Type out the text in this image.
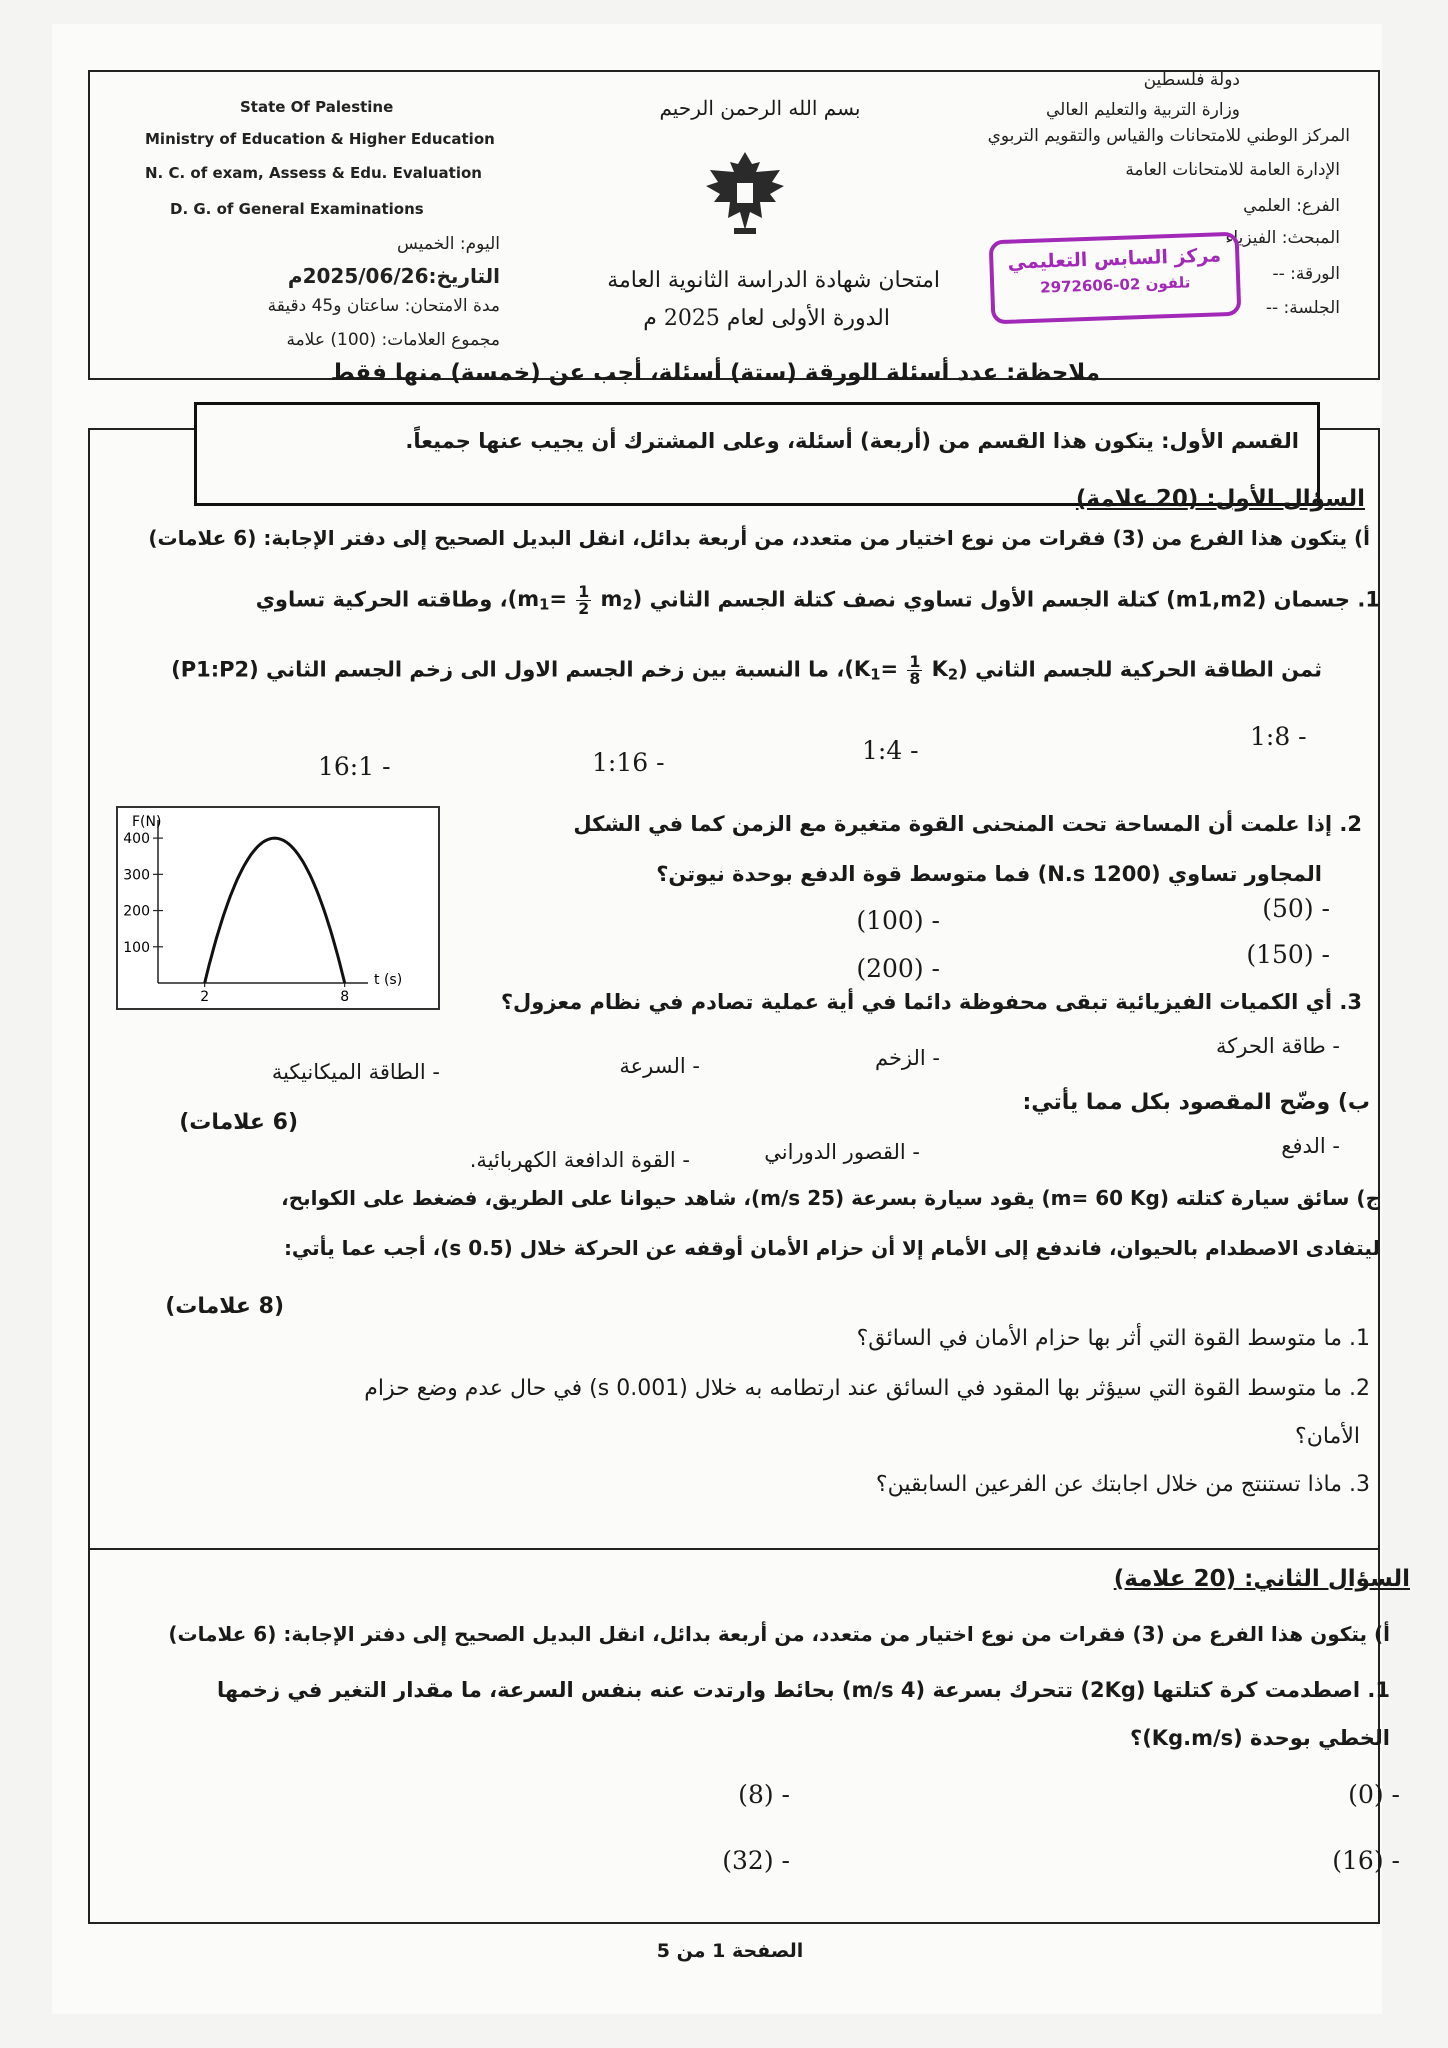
State Of Palestine
Ministry of Education & Higher Education
N. C. of exam, Assess & Edu. Evaluation
D. G. of General Examinations
اليوم: الخميس
التاريخ:2025/06/26م
مدة الامتحان: ساعتان و45 دقيقة
مجموع العلامات: (100) علامة
بسم الله الرحمن الرحيم
امتحان شهادة الدراسة الثانوية العامة
الدورة الأولى لعام 2025 م
دولة فلسطين
وزارة التربية والتعليم العالي
المركز الوطني للامتحانات والقياس والتقويم التربوي
الإدارة العامة للامتحانات العامة
الفرع: العلمي
المبحث: الفيزياء
الورقة: --
الجلسة: --
مركز السابس التعليمي
تلفون 02-2972606
ملاحظة: عدد أسئلة الورقة (ستة) أسئلة، أجب عن (خمسة) منها فقط
القسم الأول: يتكون هذا القسم من (أربعة) أسئلة، وعلى المشترك أن يجيب عنها جميعاً.
السؤال الأول: (20 علامة)
أ) يتكون هذا الفرع من (3) فقرات من نوع اختيار من متعدد، من أربعة بدائل، انقل البديل الصحيح إلى دفتر الإجابة: (6 علامات)
1. جسمان (m1,m2) كتلة الجسم الأول تساوي نصف كتلة الجسم الثاني ($m_1= \frac{1}{2}$ $m_2)،$ وطاقته الحركية تساوي
ثمن الطاقة الحركية للجسم الثاني ($K_1= \frac{1}{8}$ $K_2)،$ ما النسبة بين زخم الجسم الاول الى زخم الجسم الثاني (P1:P2)
1:8 -
1:4 -
1:16 -
16:1 -
2. إذا علمت أن المساحة تحت المنحنى القوة متغيرة مع الزمن كما في الشكل
المجاور تساوي (1200 N.s) فما متوسط قوة الدفع بوحدة نيوتن؟
- (50)
- (100)
- (150)
- (200)
F(N)
t (s)
100
200
300
400
2	8	3. أي الكميات الفيزيائية تبقى محفوظة دائما في أية عملية تصادم في نظام معزول؟
- طاقة الحركة
- الزخم
- السرعة
- الطاقة الميكانيكية
ب) وضّح المقصود بكل مما يأتي:
(6 علامات)
- الدفع
- القصور الدوراني
- القوة الدافعة الكهربائية.
ج) سائق سيارة كتلته (m= 60 Kg) يقود سيارة بسرعة (25 m/s)، شاهد حيوانا على الطريق، فضغط على الكوابح،
ليتفادى الاصطدام بالحيوان، فاندفع إلى الأمام إلا أن حزام الأمان أوقفه عن الحركة خلال (0.5 s)، أجب عما يأتي:
(8 علامات)
1. ما متوسط القوة التي أثر بها حزام الأمان في السائق؟
2. ما متوسط القوة التي سيؤثر بها المقود في السائق عند ارتطامه به خلال (0.001 s) في حال عدم وضع حزام
الأمان؟
3. ماذا تستنتج من خلال اجابتك عن الفرعين السابقين؟
السؤال الثاني: (20 علامة)
أ) يتكون هذا الفرع من (3) فقرات من نوع اختيار من متعدد، من أربعة بدائل، انقل البديل الصحيح إلى دفتر الإجابة: (6 علامات)
1. اصطدمت كرة كتلتها (2Kg) تتحرك بسرعة (4 m/s) بحائط وارتدت عنه بنفس السرعة، ما مقدار التغير في زخمها
الخطي بوحدة (Kg.m/s)؟
- (0)
- (8)
- (16)
- (32)
الصفحة 1 من 5
